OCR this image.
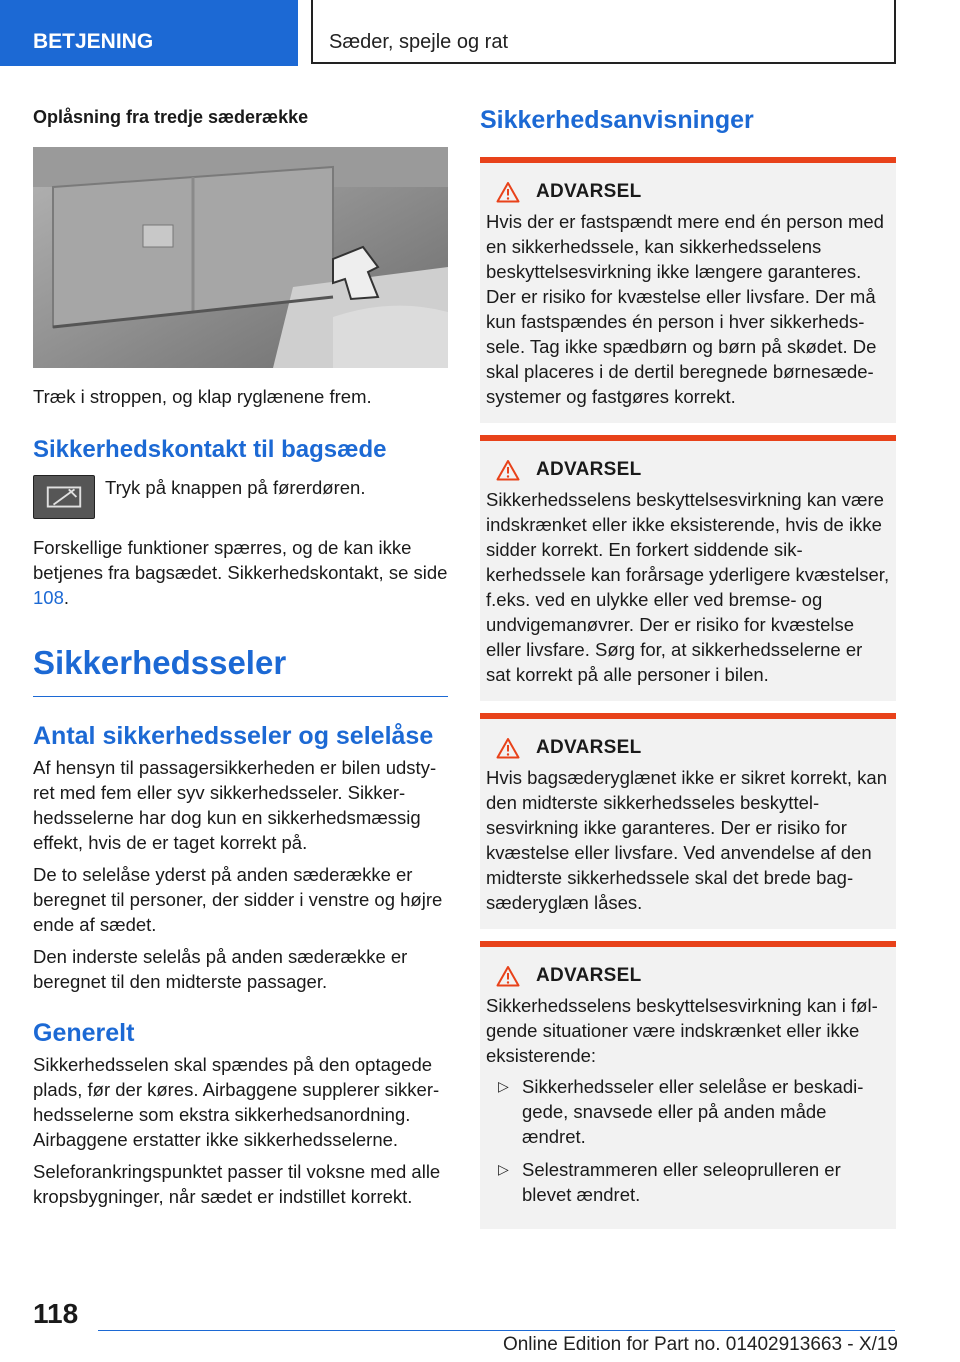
BETJENING	Sæder, spejle og rat
Oplåsning fra tredje sæderække

Træk i stroppen, og klap ryglænene frem.

Sikkerhedskontakt til bagsæde

Tryk på knappen på førerdøren.

Forskellige funktioner spærres, og de kan ikke betjenes fra bagsædet. Sikkerhedskontakt, se side 108.

Sikkerhedsseler
Antal sikkerhedsseler og selelåse

Af hensyn til passagersikkerheden er bilen udstyret med fem eller syv sikkerhedsseler. Sikkerhedsselerne har dog kun en sikkerhedsmæssig effekt, hvis de er taget korrekt på.

De to selelåse yderst på anden sæderække er beregnet til personer, der sidder i venstre og højre ende af sædet.

Den inderste selelås på anden sæderække er beregnet til den midterste passager.

Generelt

Sikkerhedsselen skal spændes på den optagede plads, før der køres. Airbaggene supplerer sikkerhedsselerne som ekstra sikkerhedsanordning. Airbaggene erstatter ikke sikkerhedsselerne.

Seleforankringspunktet passer til voksne med alle kropsbygninger, når sædet er indstillet korrekt.

Sikkerhedsanvisninger
ADVARSEL

Hvis der er fastspændt mere end én person med en sikkerhedssele, kan sikkerhedsselens beskyttelsesvirkning ikke længere garanteres. Der er risiko for kvæstelse eller livsfare. Der må kun fastspændes én person i hver sikkerhedssele. Tag ikke spædbørn og børn på skødet. De skal placeres i de dertil beregnede børnesædesystemer og fastgøres korrekt.

ADVARSEL

Sikkerhedsselens beskyttelsesvirkning kan være indskrænket eller ikke eksisterende, hvis de ikke sidder korrekt. En forkert siddende sikkerhedssele kan forårsage yderligere kvæstelser, f.eks. ved en ulykke eller ved bremse- og undvigemanøvrer. Der er risiko for kvæstelse eller livsfare. Sørg for, at sikkerhedsselerne er sat korrekt på alle personer i bilen.

ADVARSEL

Hvis bagsæderyglænet ikke er sikret korrekt, kan den midterste sikkerhedsseles beskyttelsesvirkning ikke garanteres. Der er risiko for kvæstelse eller livsfare. Ved anvendelse af den midterste sikkerhedssele skal det brede bagsæderyglæn låses.

ADVARSEL

Sikkerhedsselens beskyttelsesvirkning kan i følgende situationer være indskrænket eller ikke eksisterende:

▷ Sikkerhedsseler eller selelåse er beskadigede, snavsede eller på anden måde ændret.
▷ Selestrammeren eller seleoprulleren er blevet ændret.
118
Online Edition for Part no. 01402913663 - X/19
